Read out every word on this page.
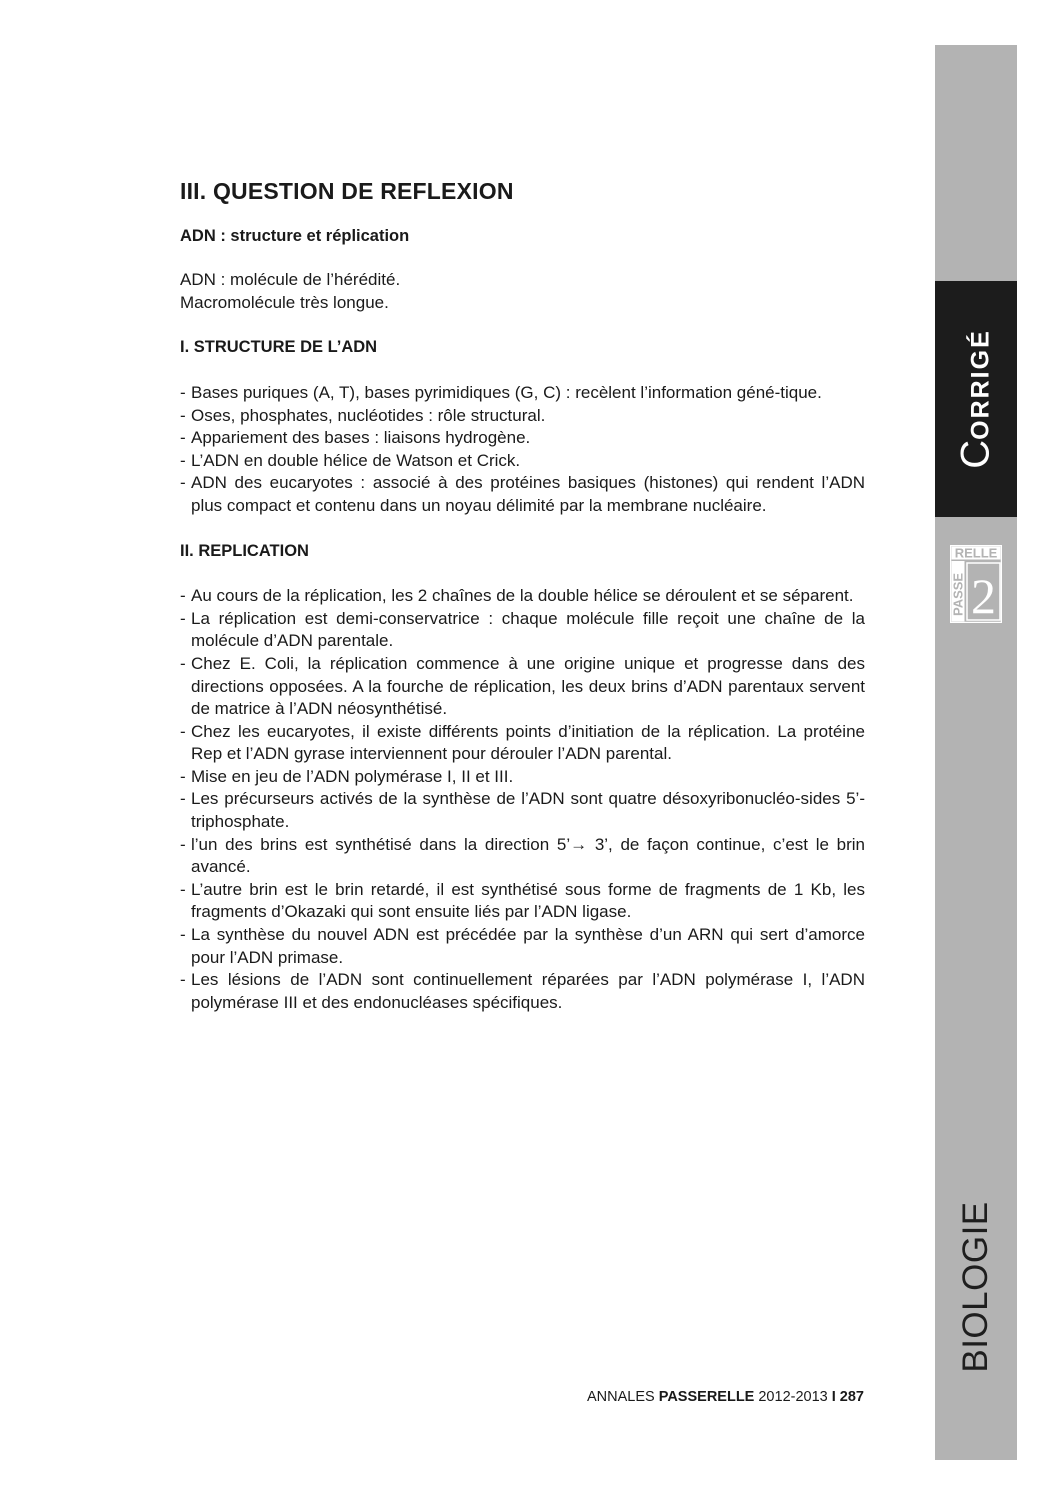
III. QUESTION DE REFLEXION
ADN : structure et réplication

ADN : molécule de l’hérédité.

Macromolécule très longue.

I. STRUCTURE DE L’ADN
- Bases puriques (A, T), bases pyrimidiques (G, C) : recèlent l’information géné-tique.
- Oses, phosphates, nucléotides : rôle structural.
- Appariement des bases : liaisons hydrogène.
- L’ADN en double hélice de Watson et Crick.
- ADN des eucaryotes : associé à des protéines basiques (histones) qui rendent l’ADN plus compact et contenu dans un noyau délimité par la membrane nucléaire.
II. REPLICATION
- Au cours de la réplication, les 2 chaînes de la double hélice se déroulent et se séparent.
- La réplication est demi-conservatrice : chaque molécule fille reçoit une chaîne de la molécule d’ADN parentale.
- Chez E. Coli, la réplication commence à une origine unique et progresse dans des directions opposées. A la fourche de réplication, les deux brins d’ADN parentaux servent de matrice à l’ADN néosynthétisé.
- Chez les eucaryotes, il existe différents points d’initiation de la réplication. La protéine Rep et l’ADN gyrase interviennent pour dérouler l’ADN parental.
- Mise en jeu de l’ADN polymérase I, II et III.
- Les précurseurs activés de la synthèse de l’ADN sont quatre désoxyribonucléo-sides 5’-triphosphate.
- l’un des brins est synthétisé dans la direction 5’→ 3’, de façon continue, c’est le brin avancé.
- L’autre brin est le brin retardé, il est synthétisé sous forme de fragments de 1 Kb, les fragments d’Okazaki qui sont ensuite liés par l’ADN ligase.
- La synthèse du nouvel ADN est précédée par la synthèse d’un ARN qui sert d’amorce pour l’ADN primase.
- Les lésions de l’ADN sont continuellement réparées par l’ADN polymérase I, l’ADN polymérase III et des endonucléases spécifiques.
CORRIGÉ
RELLE
PASSE 2
BIOLOGIE
ANNALES PASSERELLE 2012-2013 I 287
